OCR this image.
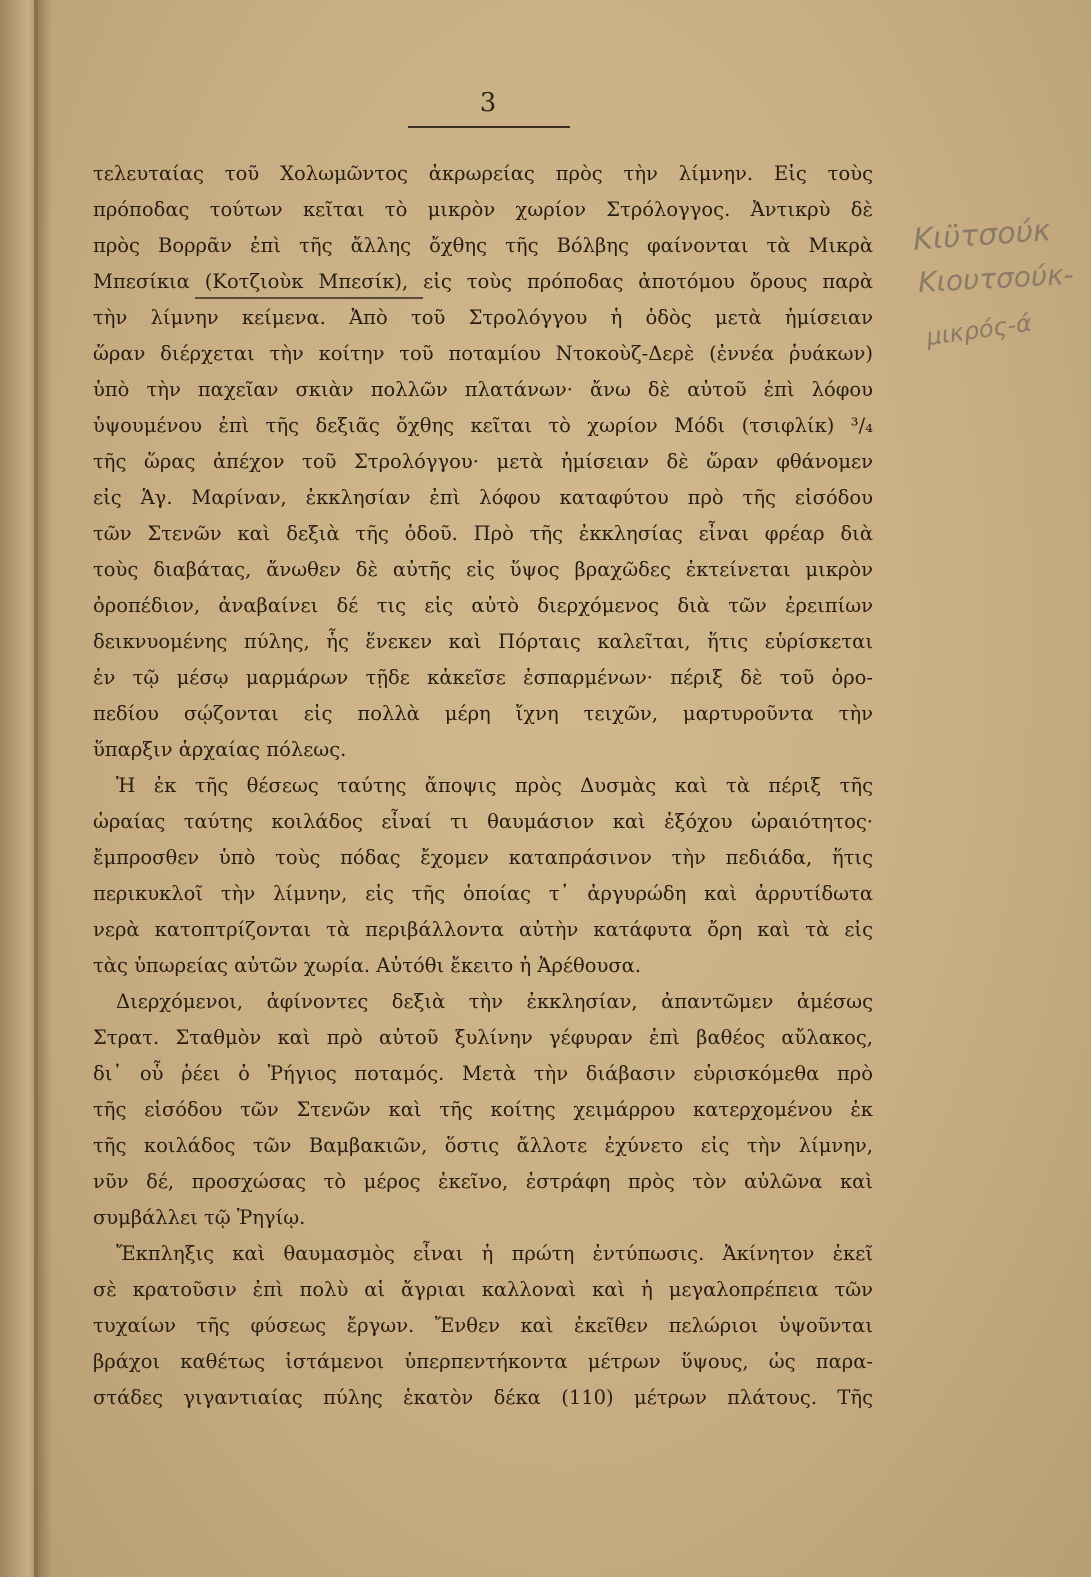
3
τελευταίας τοῦ Χολωμῶντος ἀκρωρείας πρὸς τὴν λίμνην. Εἰς τοὺς
πρόποδας τούτων κεῖται τὸ μικρὸν χωρίον Στρόλογγος. Ἀντικρὺ δὲ
πρὸς Βορρᾶν ἐπὶ τῆς ἄλλης ὄχθης τῆς Βόλβης φαίνονται τὰ Μικρὰ
Μπεσίκια (Κοτζιοὺκ Μπεσίκ), εἰς τοὺς πρόποδας ἀποτόμου ὄρους παρὰ
τὴν λίμνην κείμενα. Ἀπὸ τοῦ Στρολόγγου ἡ ὁδὸς μετὰ ἡμίσειαν
ὥραν διέρχεται τὴν κοίτην τοῦ ποταμίου Ντοκοὺζ-Δερὲ (ἐννέα ῥυάκων)
ὑπὸ τὴν παχεῖαν σκιὰν πολλῶν πλατάνων· ἄνω δὲ αὐτοῦ ἐπὶ λόφου
ὑψουμένου ἐπὶ τῆς δεξιᾶς ὄχθης κεῖται τὸ χωρίον Μόδι (τσιφλίκ) ³/₄
τῆς ὥρας ἀπέχον τοῦ Στρολόγγου· μετὰ ἡμίσειαν δὲ ὥραν φθάνομεν
εἰς Ἁγ. Μαρίναν, ἐκκλησίαν ἐπὶ λόφου καταφύτου πρὸ τῆς εἰσόδου
τῶν Στενῶν καὶ δεξιὰ τῆς ὁδοῦ. Πρὸ τῆς ἐκκλησίας εἶναι φρέαρ διὰ
τοὺς διαβάτας, ἄνωθεν δὲ αὐτῆς εἰς ὕψος βραχῶδες ἐκτείνεται μικρὸν
ὀροπέδιον, ἀναβαίνει δέ τις εἰς αὐτὸ διερχόμενος διὰ τῶν ἐρειπίων
δεικνυομένης πύλης, ἧς ἕνεκεν καὶ Πόρταις καλεῖται, ἥτις εὑρίσκεται
ἐν τῷ μέσῳ μαρμάρων τῇδε κἀκεῖσε ἐσπαρμένων· πέριξ δὲ τοῦ ὀρο-
πεδίου σῴζονται εἰς πολλὰ μέρη ἴχνη τειχῶν, μαρτυροῦντα τὴν
ὕπαρξιν ἀρχαίας πόλεως.
Ἡ ἐκ τῆς θέσεως ταύτης ἄποψις πρὸς Δυσμὰς καὶ τὰ πέριξ τῆς
ὡραίας ταύτης κοιλάδος εἶναί τι θαυμάσιον καὶ ἐξόχου ὡραιότητος·
ἔμπροσθεν ὑπὸ τοὺς πόδας ἔχομεν καταπράσινον τὴν πεδιάδα, ἥτις
περικυκλοῖ τὴν λίμνην, εἰς τῆς ὁποίας τ᾿ ἀργυρώδη καὶ ἀρρυτίδωτα
νερὰ κατοπτρίζονται τὰ περιβάλλοντα αὐτὴν κατάφυτα ὄρη καὶ τὰ εἰς
τὰς ὑπωρείας αὐτῶν χωρία. Αὐτόθι ἔκειτο ἡ Ἀρέθουσα.
Διερχόμενοι, ἀφίνοντες δεξιὰ τὴν ἐκκλησίαν, ἀπαντῶμεν ἀμέσως
Στρατ. Σταθμὸν καὶ πρὸ αὐτοῦ ξυλίνην γέφυραν ἐπὶ βαθέος αὔλακος,
δι᾿ οὗ ῥέει ὁ Ῥήγιος ποταμός. Μετὰ τὴν διάβασιν εὑρισκόμεθα πρὸ
τῆς εἰσόδου τῶν Στενῶν καὶ τῆς κοίτης χειμάρρου κατερχομένου ἐκ
τῆς κοιλάδος τῶν Βαμβακιῶν, ὅστις ἄλλοτε ἐχύνετο εἰς τὴν λίμνην,
νῦν δέ, προσχώσας τὸ μέρος ἐκεῖνο, ἐστράφη πρὸς τὸν αὐλῶνα καὶ
συμβάλλει τῷ Ῥηγίῳ.
Ἔκπληξις καὶ θαυμασμὸς εἶναι ἡ πρώτη ἐντύπωσις. Ἀκίνητον ἐκεῖ
σὲ κρατοῦσιν ἐπὶ πολὺ αἱ ἄγριαι καλλοναὶ καὶ ἡ μεγαλοπρέπεια τῶν
τυχαίων τῆς φύσεως ἔργων. Ἔνθεν καὶ ἐκεῖθεν πελώριοι ὑψοῦνται
βράχοι καθέτως ἱστάμενοι ὑπερπεντήκοντα μέτρων ὕψους, ὡς παρα-
στάδες γιγαντιαίας πύλης ἑκατὸν δέκα (110) μέτρων πλάτους. Τῆς
Κιϋτσούκ
Κιουτσούκ-
μικρός-ά
